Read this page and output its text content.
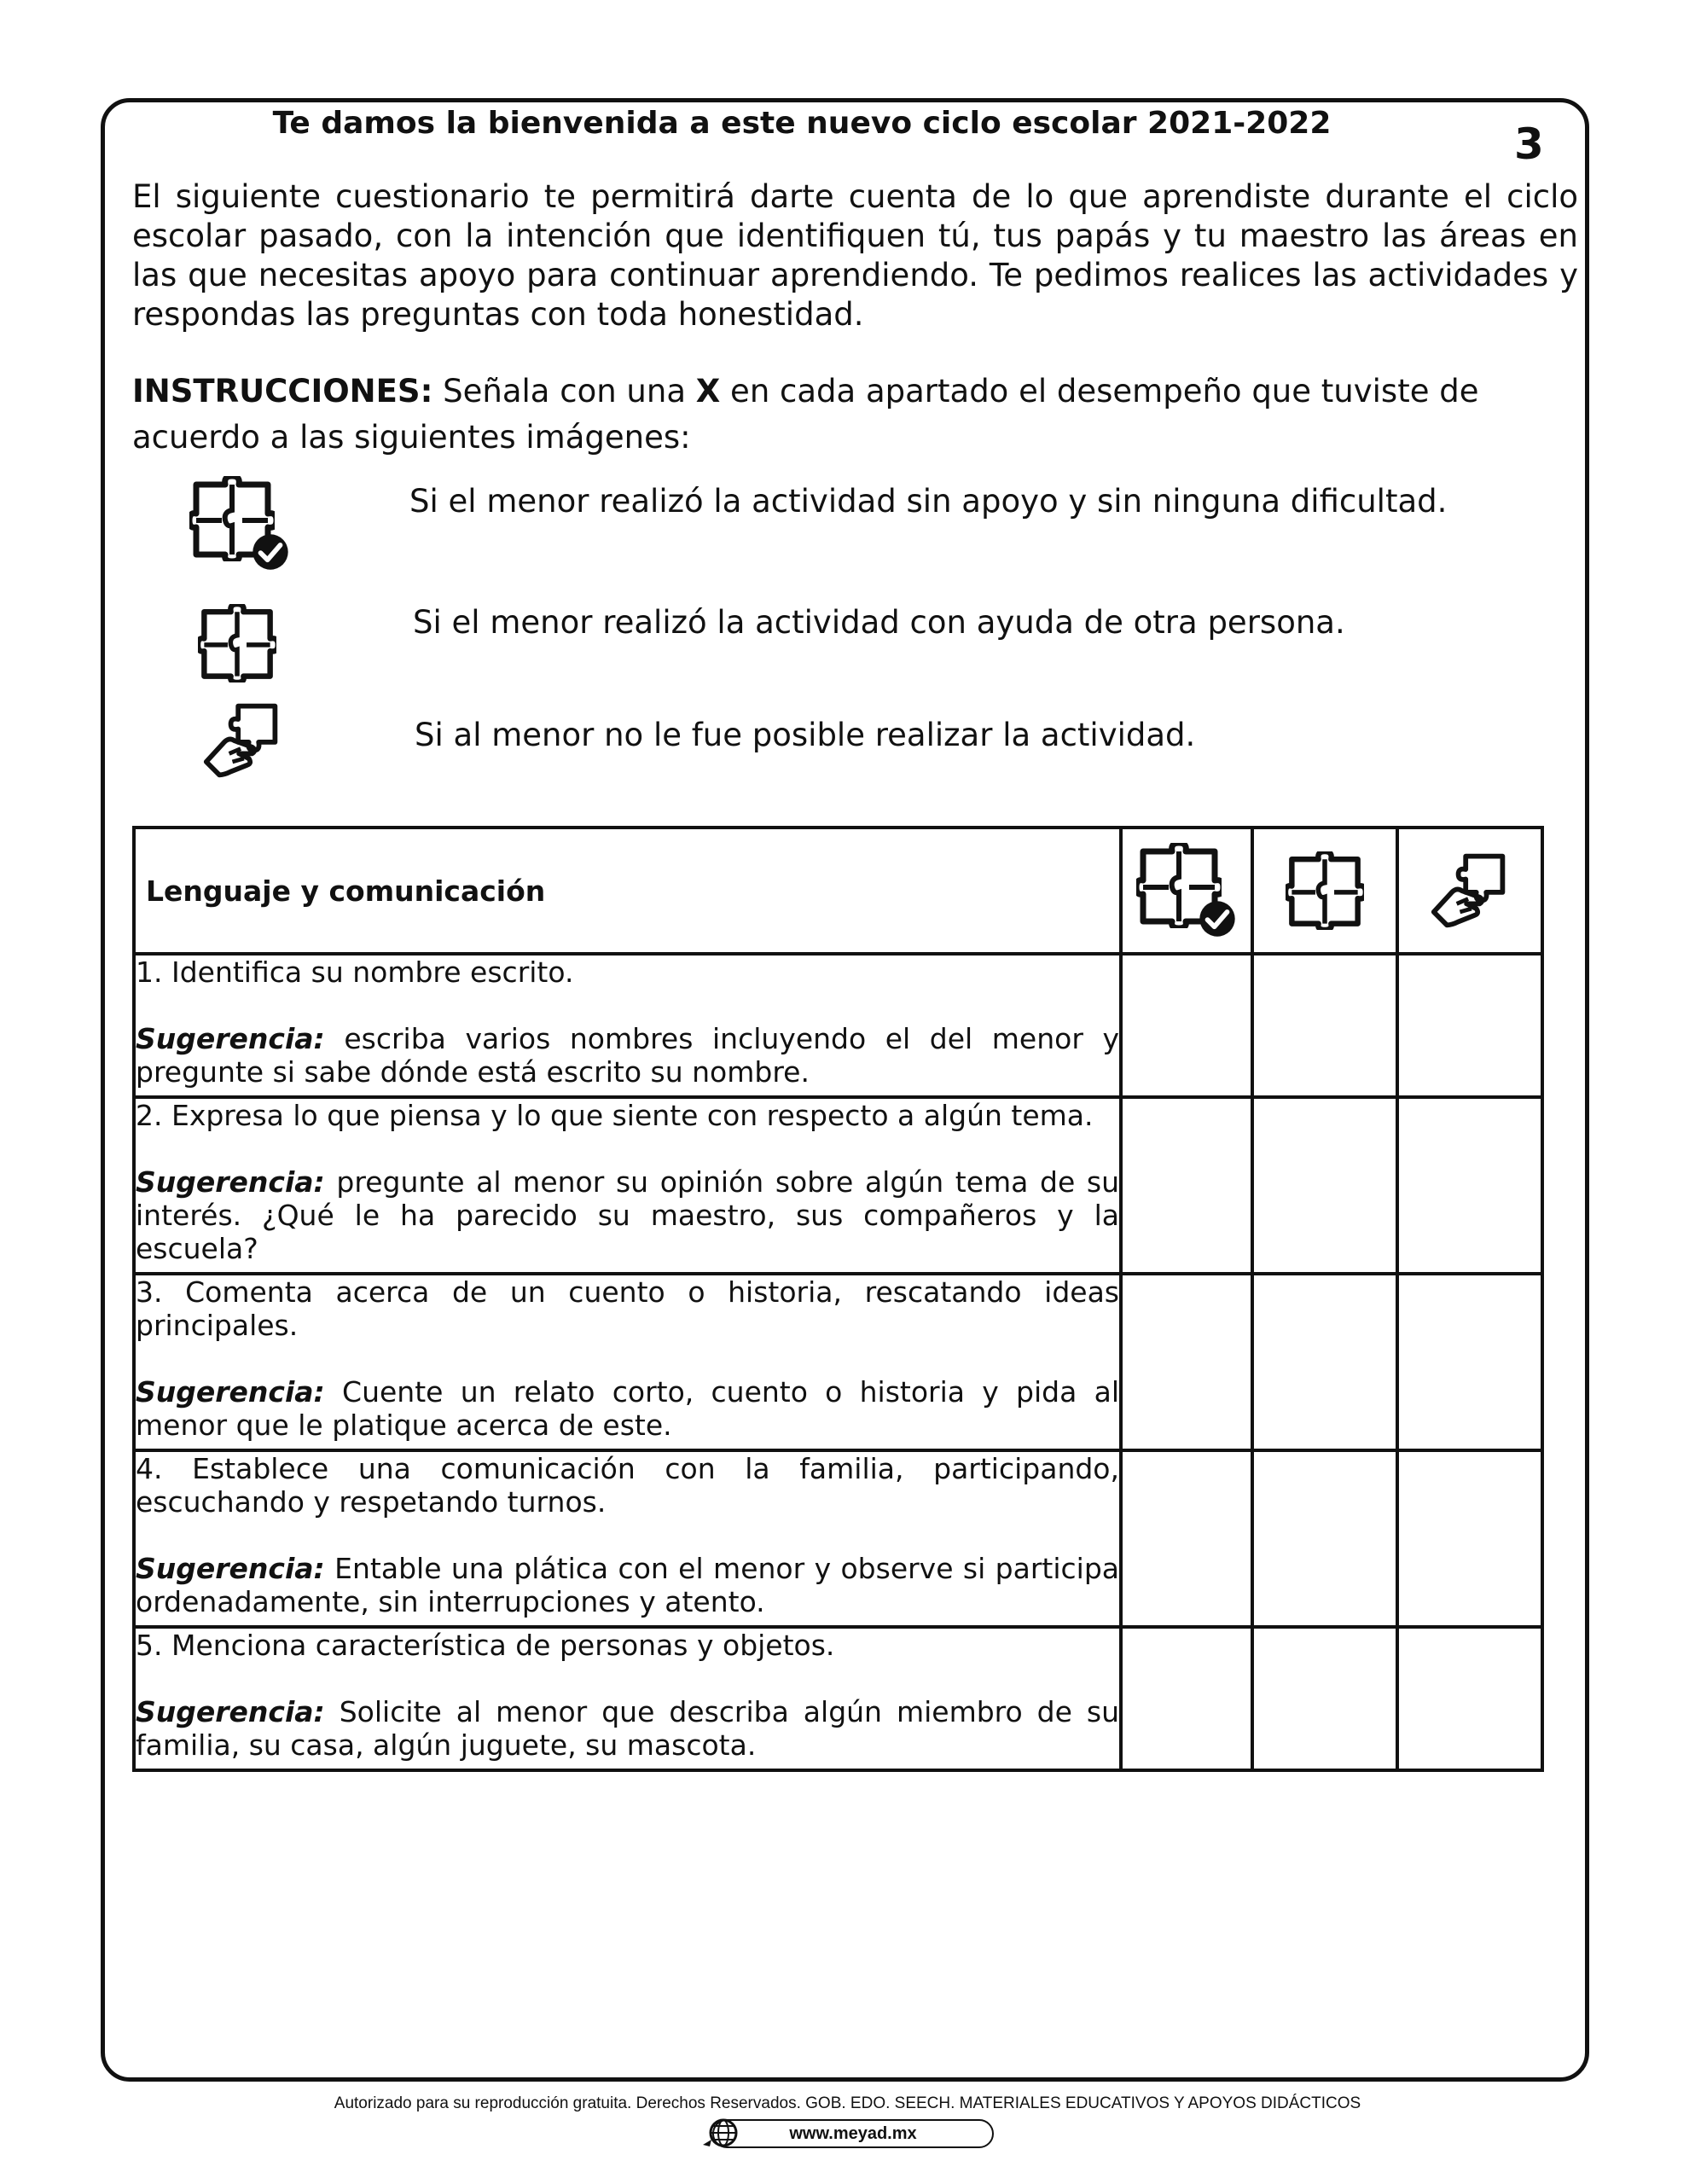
Te damos la bienvenida a este nuevo ciclo escolar 2021-2022	3

El siguiente cuestionario te permitirá darte cuenta de lo que aprendiste durante el ciclo escolar pasado, con la intención que identifiquen tú, tus papás y tu maestro las áreas en las que necesitas apoyo para continuar aprendiendo. Te pedimos realices las actividades y respondas las preguntas con toda honestidad.

INSTRUCCIONES: Señala con una X en cada apartado el desempeño que tuviste de acuerdo a las siguientes imágenes:

Si el menor realizó la actividad sin apoyo y sin ninguna dificultad.
Si el menor realizó la actividad con ayuda de otra persona.
Si al menor no le fue posible realizar la actividad.
Lenguaje y comunicación	

1. Identifica su nombre escrito.
Sugerencia: escriba varios nombres incluyendo el del menor y pregunte si sabe dónde está escrito su nombre.			

2. Expresa lo que piensa y lo que siente con respecto a algún tema.
Sugerencia: pregunte al menor su opinión sobre algún tema de su interés. ¿Qué le ha parecido su maestro, sus compañeros y la escuela?			

3. Comenta acerca de un cuento o historia, rescatando ideas principales.
Sugerencia: Cuente un relato corto, cuento o historia y pida al menor que le platique acerca de este.			

4. Establece una comunicación con la familia, participando, escuchando y respetando turnos.
Sugerencia: Entable una plática con el menor y observe si participa ordenadamente, sin interrupciones y atento.			

5. Menciona característica de personas y objetos.
Sugerencia: Solicite al menor que describa algún miembro de su familia, su casa, algún juguete, su mascota.			

Autorizado para su reproducción gratuita. Derechos Reservados. GOB. EDO. SEECH. MATERIALES EDUCATIVOS Y APOYOS DIDÁCTICOS
www.meyad.mx
